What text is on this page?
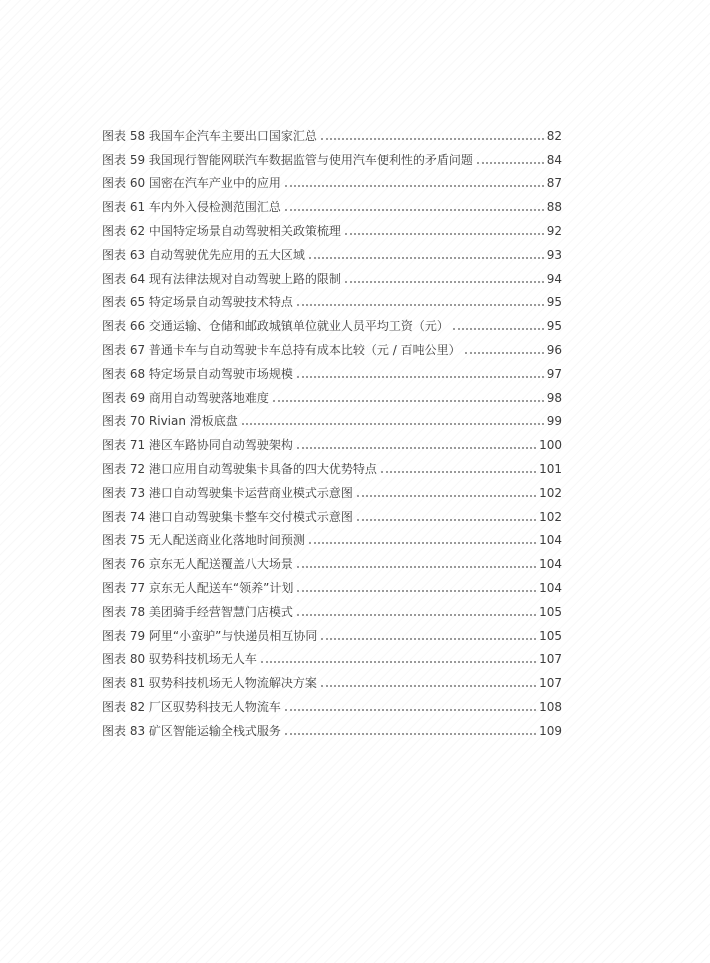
图表 58 我国车企汽车主要出口国家汇总	82
图表 59 我国现行智能网联汽车数据监管与使用汽车便利性的矛盾问题	84
图表 60 国密在汽车产业中的应用	87
图表 61 车内外入侵检测范围汇总	88
图表 62 中国特定场景自动驾驶相关政策梳理	92
图表 63 自动驾驶优先应用的五大区域	93
图表 64 现有法律法规对自动驾驶上路的限制	94
图表 65 特定场景自动驾驶技术特点	95
图表 66 交通运输、仓储和邮政城镇单位就业人员平均工资（元）	95
图表 67 普通卡车与自动驾驶卡车总持有成本比较（元 / 百吨公里）	96
图表 68 特定场景自动驾驶市场规模	97
图表 69 商用自动驾驶落地难度	98
图表 70 Rivian 滑板底盘	99
图表 71 港区车路协同自动驾驶架构	100
图表 72 港口应用自动驾驶集卡具备的四大优势特点	101
图表 73 港口自动驾驶集卡运营商业模式示意图	102
图表 74 港口自动驾驶集卡整车交付模式示意图	102
图表 75 无人配送商业化落地时间预测	104
图表 76 京东无人配送覆盖八大场景	104
图表 77 京东无人配送车“领养”计划	104
图表 78 美团骑手经营智慧门店模式	105
图表 79 阿里“小蛮驴”与快递员相互协同	105
图表 80 驭势科技机场无人车	107
图表 81 驭势科技机场无人物流解决方案	107
图表 82 厂区驭势科技无人物流车	108
图表 83 矿区智能运输全栈式服务	109
